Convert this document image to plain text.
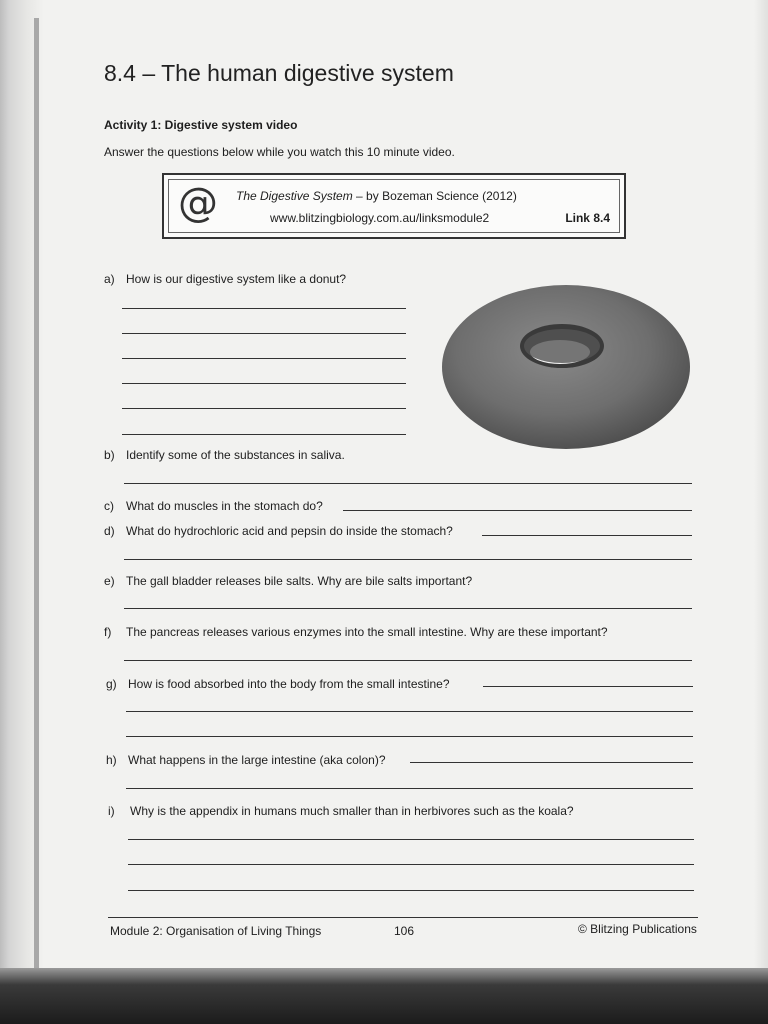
8.4 – The human digestive system
Activity 1: Digestive system video
Answer the questions below while you watch this 10 minute video.
@ The Digestive System – by Bozeman Science (2012)
www.blitzingbiology.com.au/linksmodule2	Link 8.4
a) How is our digestive system like a donut?
b) Identify some of the substances in saliva.
c) What do muscles in the stomach do?
d) What do hydrochloric acid and pepsin do inside the stomach?
e) The gall bladder releases bile salts. Why are bile salts important?
f) The pancreas releases various enzymes into the small intestine. Why are these important?
g) How is food absorbed into the body from the small intestine?
h) What happens in the large intestine (aka colon)?
i) Why is the appendix in humans much smaller than in herbivores such as the koala?
Module 2: Organisation of Living Things	106	© Blitzing Publications
